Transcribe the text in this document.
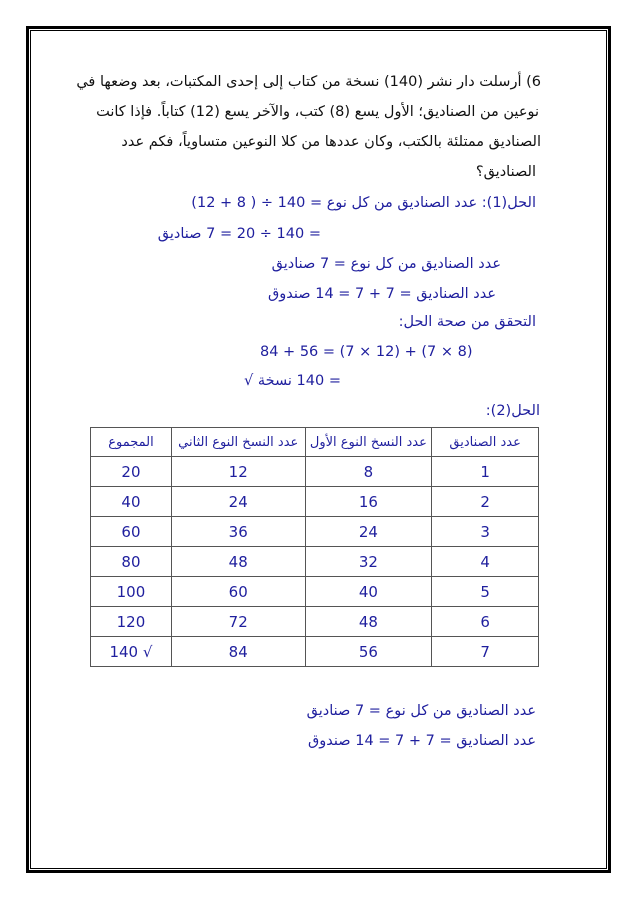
6) أرسلت دار نشر (140) نسخة من كتاب إلى إحدى المكتبات، بعد وضعها في
نوعين من الصناديق؛ الأول يسع (8) كتب، والآخر يسع (12) كتاباً. فإذا كانت
الصناديق ممتلئة بالكتب، وكان عددها من كلا النوعين متساوياً، فكم عدد
الصناديق؟
الحل(1): عدد الصناديق من كل نوع = 140 ÷ ( 8 + 12)
= 140 ÷ 20 = 7 صناديق
عدد الصناديق من كل نوع = 7 صناديق
عدد الصناديق = 7 + 7 = 14 صندوق
التحقق من صحة الحل:
84 + 56 = (7 × 12) + (7 × 8)
= 140 نسخة √
الحل(2):
عدد الصناديق	عدد النسخ النوع الأول	عدد النسخ النوع الثاني	المجموع
1	8	12	20
2	16	24	40
3	24	36	60
4	32	48	80
5	40	60	100
6	48	72	120
7	56	84	√ 140
عدد الصناديق من كل نوع = 7 صناديق
عدد الصناديق = 7 + 7 = 14 صندوق
